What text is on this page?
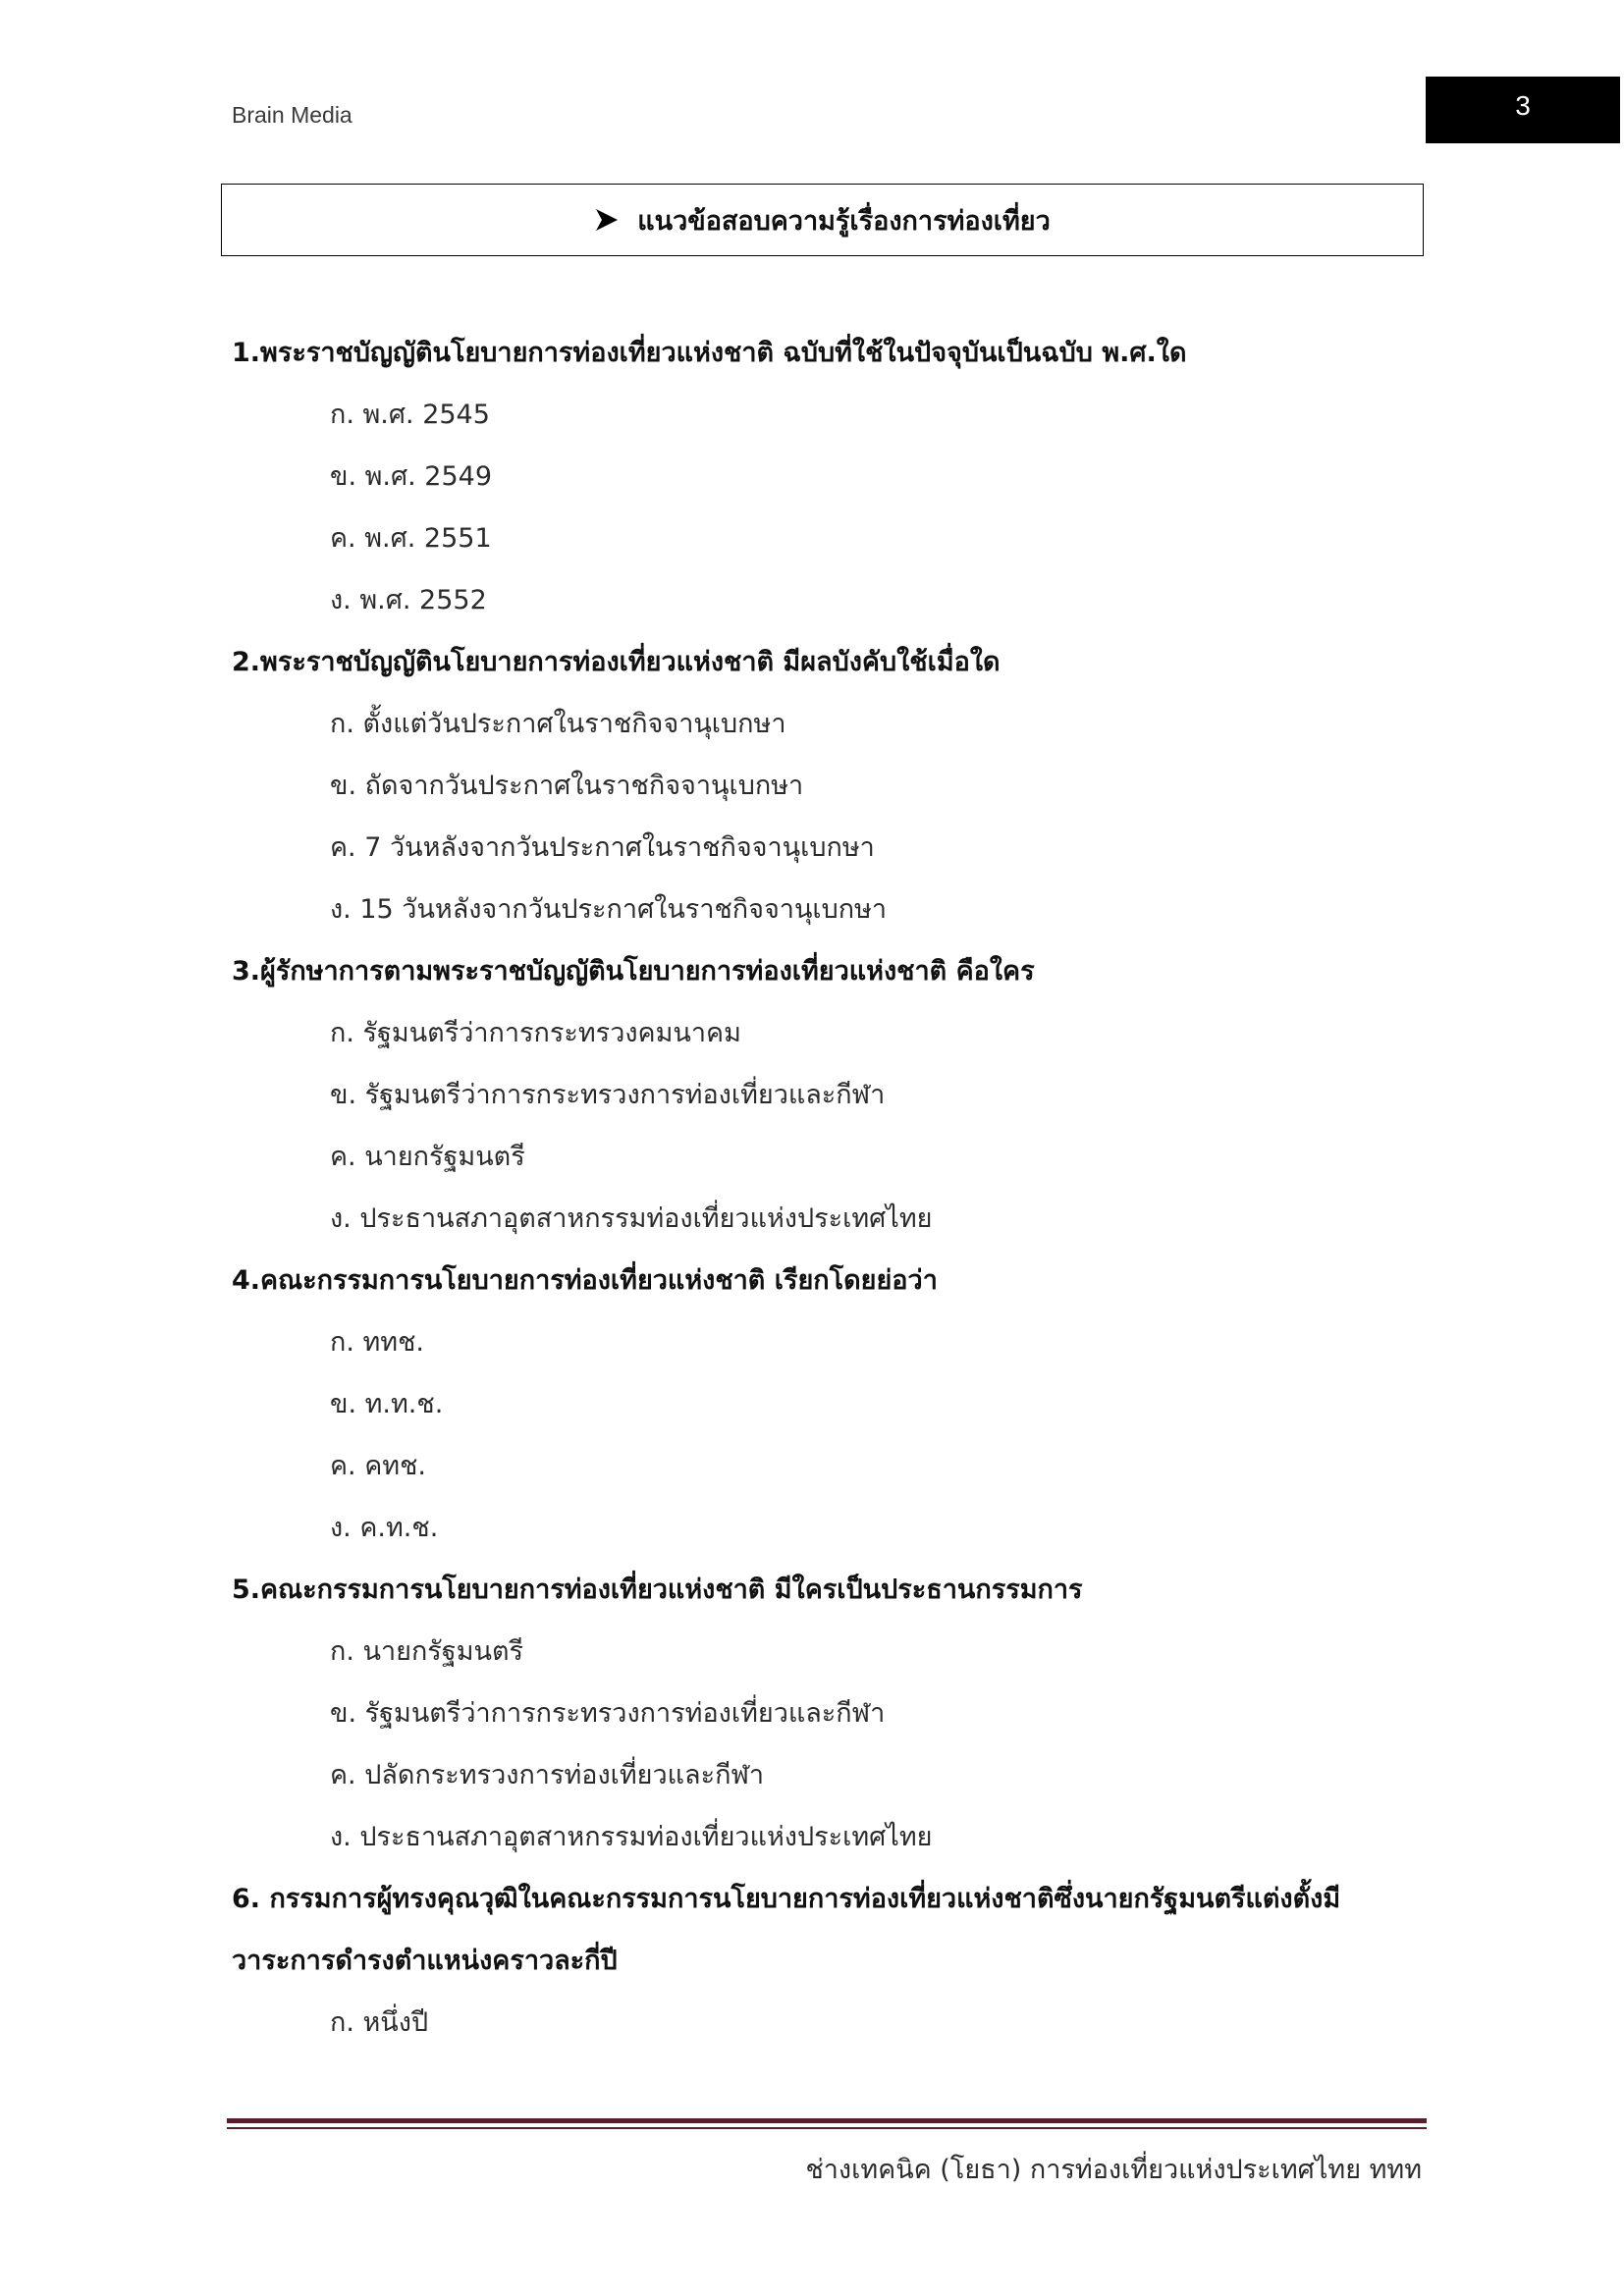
Brain Media	3
แนวข้อสอบความรู้เรื่องการท่องเที่ยว
1.พระราชบัญญัตินโยบายการท่องเที่ยวแห่งชาติ ฉบับที่ใช้ในปัจจุบันเป็นฉบับ พ.ศ.ใด
ก. พ.ศ. 2545
ข. พ.ศ. 2549
ค. พ.ศ. 2551
ง. พ.ศ. 2552
2.พระราชบัญญัตินโยบายการท่องเที่ยวแห่งชาติ มีผลบังคับใช้เมื่อใด
ก. ตั้งแต่วันประกาศในราชกิจจานุเบกษา
ข. ถัดจากวันประกาศในราชกิจจานุเบกษา
ค. 7 วันหลังจากวันประกาศในราชกิจจานุเบกษา
ง. 15 วันหลังจากวันประกาศในราชกิจจานุเบกษา
3.ผู้รักษาการตามพระราชบัญญัตินโยบายการท่องเที่ยวแห่งชาติ คือใคร
ก. รัฐมนตรีว่าการกระทรวงคมนาคม
ข. รัฐมนตรีว่าการกระทรวงการท่องเที่ยวและกีฬา
ค. นายกรัฐมนตรี
ง. ประธานสภาอุตสาหกรรมท่องเที่ยวแห่งประเทศไทย
4.คณะกรรมการนโยบายการท่องเที่ยวแห่งชาติ เรียกโดยย่อว่า
ก. ททช.
ข. ท.ท.ช.
ค. คทช.
ง. ค.ท.ช.
5.คณะกรรมการนโยบายการท่องเที่ยวแห่งชาติ มีใครเป็นประธานกรรมการ
ก. นายกรัฐมนตรี
ข. รัฐมนตรีว่าการกระทรวงการท่องเที่ยวและกีฬา
ค. ปลัดกระทรวงการท่องเที่ยวและกีฬา
ง. ประธานสภาอุตสาหกรรมท่องเที่ยวแห่งประเทศไทย
6. กรรมการผู้ทรงคุณวุฒิในคณะกรรมการนโยบายการท่องเที่ยวแห่งชาติซึ่งนายกรัฐมนตรีแต่งตั้งมี
วาระการดำรงตำแหน่งคราวละกี่ปี
ก. หนึ่งปี
ช่างเทคนิค (โยธา) การท่องเที่ยวแห่งประเทศไทย ททท
